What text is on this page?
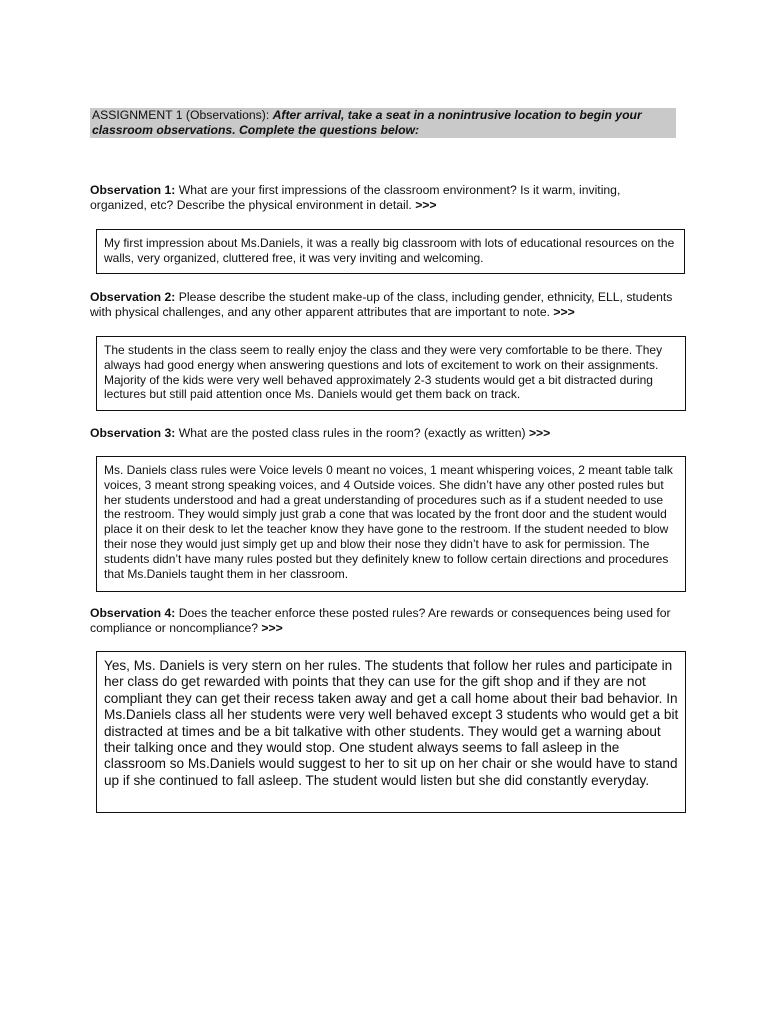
ASSIGNMENT 1 (Observations): After arrival, take a seat in a nonintrusive location to begin your classroom observations. Complete the questions below:
Observation 1: What are your first impressions of the classroom environment? Is it warm, inviting, organized, etc? Describe the physical environment in detail. >>>
My first impression about Ms.Daniels, it was a really big classroom with lots of educational resources on the walls, very organized, cluttered free, it was very inviting and welcoming.
Observation 2: Please describe the student make-up of the class, including gender, ethnicity, ELL, students with physical challenges, and any other apparent attributes that are important to note. >>>
The students in the class seem to really enjoy the class and they were very comfortable to be there. They always had good energy when answering questions and lots of excitement to work on their assignments. Majority of the kids were very well behaved approximately 2-3 students would get a bit distracted during lectures but still paid attention once Ms. Daniels would get them back on track.
Observation 3: What are the posted class rules in the room? (exactly as written) >>>
Ms. Daniels class rules were Voice levels 0 meant no voices, 1 meant whispering voices, 2 meant table talk voices, 3 meant strong speaking voices, and 4 Outside voices. She didn’t have any other posted rules but her students understood and had a great understanding of procedures such as if a student needed to use the restroom. They would simply just grab a cone that was located by the front door and the student would place it on their desk to let the teacher know they have gone to the restroom. If the student needed to blow their nose they would just simply get up and blow their nose they didn’t have to ask for permission. The students didn’t have many rules posted but they definitely knew to follow certain directions and procedures that Ms.Daniels taught them in her classroom.
Observation 4: Does the teacher enforce these posted rules? Are rewards or consequences being used for compliance or noncompliance? >>>
Yes, Ms. Daniels is very stern on her rules. The students that follow her rules and participate in her class do get rewarded with points that they can use for the gift shop and if they are not compliant they can get their recess taken away and get a call home about their bad behavior. In Ms.Daniels class all her students were very well behaved except 3 students who would get a bit distracted at times and be a bit talkative with other students. They would get a warning about their talking once and they would stop. One student always seems to fall asleep in the classroom so Ms.Daniels would suggest to her to sit up on her chair or she would have to stand up if she continued to fall asleep. The student would listen but she did constantly everyday.
